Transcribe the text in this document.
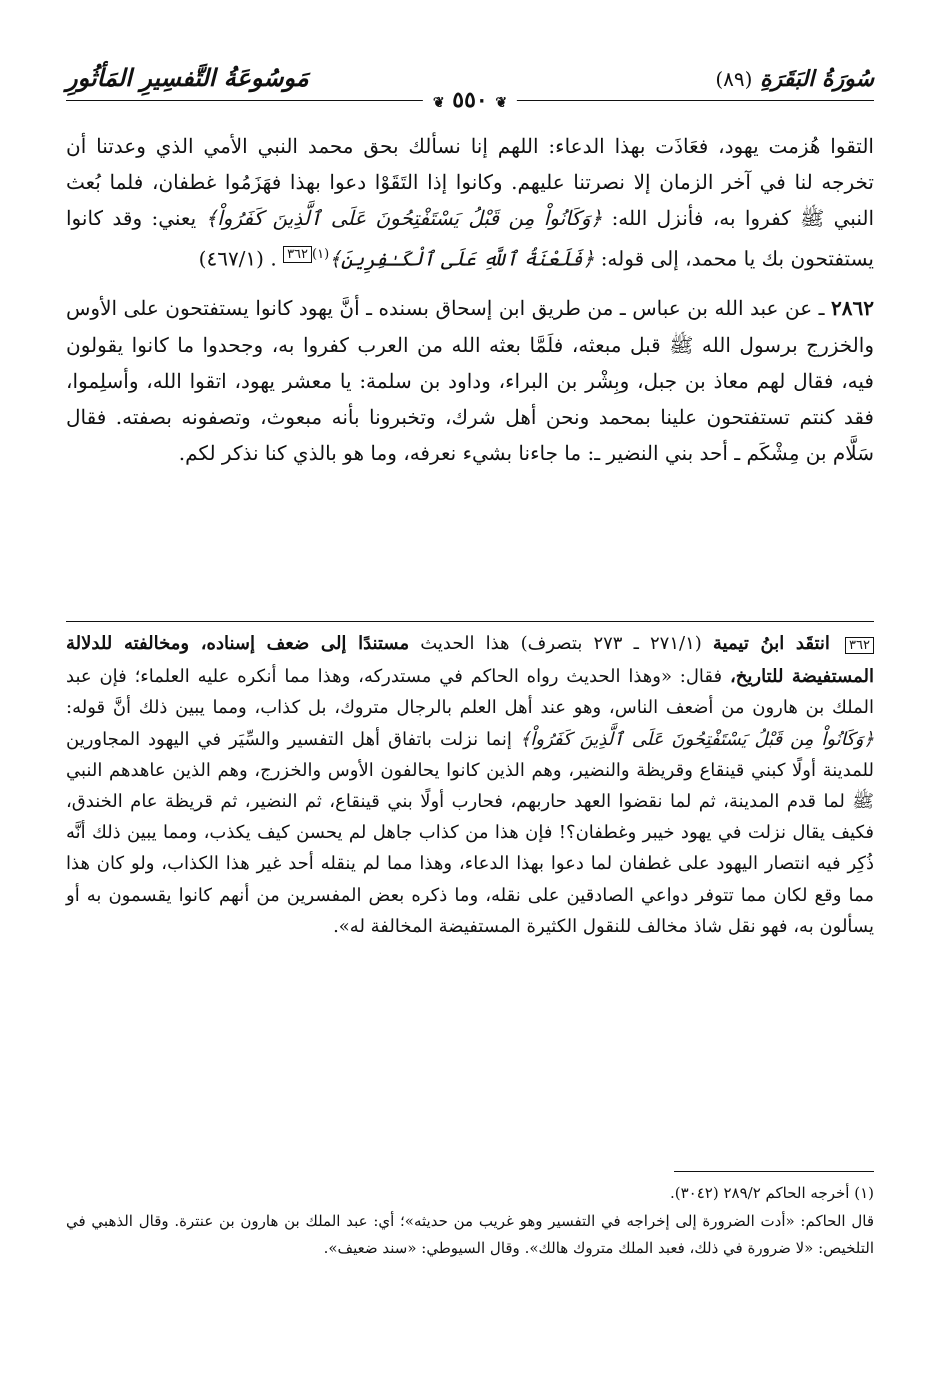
سُورَةُ البَقَرَةِ (٨٩)
مَوسُوعَةُ التَّفسِيرِ المَأثُورِ
❦ ٥٥٠ ❦

التقوا هُزمت يهود، فعَاذَت بهذا الدعاء: اللهم إنا نسألك بحق محمد النبي الأمي الذي وعدتنا أن تخرجه لنا في آخر الزمان إلا نصرتنا عليهم. وكانوا إذا التَقَوْا دعوا بهذا فهَزَمُوا غطفان، فلما بُعث النبي ﷺ كفروا به، فأنزل الله: ﴿وَكَانُواْ مِن قَبْلُ يَسْتَفْتِحُونَ عَلَى ٱلَّذِينَ كَفَرُواْ﴾ يعني: وقد كانوا يستفتحون بك يا محمد، إلى قوله: ﴿فَلَعْنَةُ ٱللَّهِ عَلَى ٱلْكَـٰفِرِينَ﴾$^{(١)٣٦٢}$ . (٤٦٧/١)

٢٨٦٢ ـ عن عبد الله بن عباس ـ من طريق ابن إسحاق بسنده ـ أنَّ يهود كانوا يستفتحون على الأوس والخزرج برسول الله ﷺ قبل مبعثه، فلَمَّا بعثه الله من العرب كفروا به، وجحدوا ما كانوا يقولون فيه، فقال لهم معاذ بن جبل، وبِشْر بن البراء، وداود بن سلمة: يا معشر يهود، اتقوا الله، وأسلِموا، فقد كنتم تستفتحون علينا بمحمد ونحن أهل شرك، وتخبرونا بأنه مبعوث، وتصفونه بصفته. فقال سَلَّام بن مِشْكَم ـ أحد بني النضير ـ: ما جاءنا بشيء نعرفه، وما هو بالذي كنا نذكر لكم.

٣٦٢ انتقَد ابنُ تيمية (٢٧١/١ ـ ٢٧٣ بتصرف) هذا الحديث مستندًا إلى ضعف إسناده، ومخالفته للدلالة المستفيضة للتاريخ، فقال: «وهذا الحديث رواه الحاكم في مستدركه، وهذا مما أنكره عليه العلماء؛ فإن عبد الملك بن هارون من أضعف الناس، وهو عند أهل العلم بالرجال متروك، بل كذاب، ومما يبين ذلك أنَّ قوله: ﴿وَكَانُواْ مِن قَبْلُ يَسْتَفْتِحُونَ عَلَى ٱلَّذِينَ كَفَرُواْ﴾ إنما نزلت باتفاق أهل التفسير والسِّيَر في اليهود المجاورين للمدينة أولًا كبني قينقاع وقريظة والنضير، وهم الذين كانوا يحالفون الأوس والخزرج، وهم الذين عاهدهم النبي ﷺ لما قدم المدينة، ثم لما نقضوا العهد حاربهم، فحارب أولًا بني قينقاع، ثم النضير، ثم قريظة عام الخندق، فكيف يقال نزلت في يهود خيبر وغطفان؟! فإن هذا من كذاب جاهل لم يحسن كيف يكذب، ومما يبين ذلك أنَّه ذُكِر فيه انتصار اليهود على غطفان لما دعوا بهذا الدعاء، وهذا مما لم ينقله أحد غير هذا الكذاب، ولو كان هذا مما وقع لكان مما تتوفر دواعي الصادقين على نقله، وما ذكره بعض المفسرين من أنهم كانوا يقسمون به أو يسألون به، فهو نقل شاذ مخالف للنقول الكثيرة المستفيضة المخالفة له».

(١) أخرجه الحاكم ٢٨٩/٢ (٣٠٤٢).

قال الحاكم: «أدت الضرورة إلى إخراجه في التفسير وهو غريب من حديثه»؛ أي: عبد الملك بن هارون بن عنترة. وقال الذهبي في التلخيص: «لا ضرورة في ذلك، فعبد الملك متروك هالك». وقال السيوطي: «سند ضعيف».
